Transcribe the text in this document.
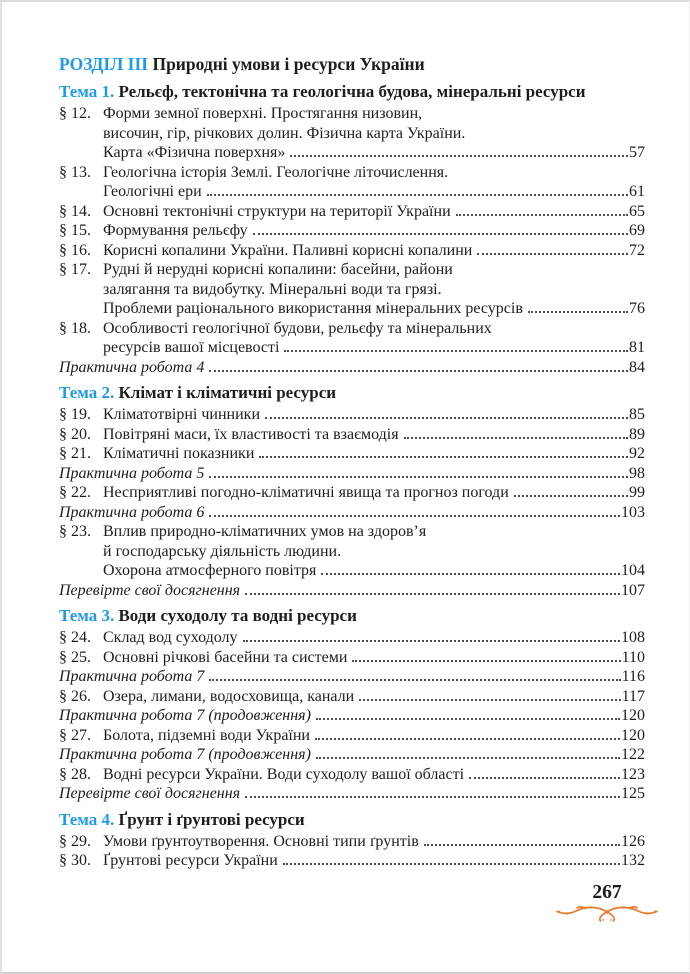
РОЗДІЛ ІІІ Природні умови і ресурси України
Тема 1. Рельєф, тектонічна та геологічна будова, мінеральні ресурси
§ 12. Форми земної поверхні. Простягання низовин,
височин, гір, річкових долин. Фізична карта України.
Карта «Фізична поверхня»	57
§ 13. Геологічна історія Землі. Геологічне літочислення.
Геологічні ери	61
§ 14. Основні тектонічні структури на території України	65
§ 15. Формування рельєфу	69
§ 16. Корисні копалини України. Паливні корисні копалини	72
§ 17. Рудні й нерудні корисні копалини: басейни, райони
залягання та видобутку. Мінеральні води та грязі.
Проблеми раціонального використання мінеральних ресурсів	76
§ 18. Особливості геологічної будови, рельєфу та мінеральних
ресурсів вашої місцевості	81
Практична робота 4	84
Тема 2. Клімат і кліматичні ресурси
§ 19. Кліматотвірні чинники	85
§ 20. Повітряні маси, їх властивості та взаємодія	89
§ 21. Кліматичні показники	92
Практична робота 5	98
§ 22. Несприятливі погодно-кліматичні явища та прогноз погоди	99
Практична робота 6	103
§ 23. Вплив природно-кліматичних умов на здоров’я
й господарську діяльність людини.
Охорона атмосферного повітря	104
Перевірте свої досягнення	107
Тема 3. Води суходолу та водні ресурси
§ 24. Склад вод суходолу	108
§ 25. Основні річкові басейни та системи	110
Практична робота 7	116
§ 26. Озера, лимани, водосховища, канали	117
Практична робота 7 (продовження)	120
§ 27. Болота, підземні води України	120
Практична робота 7 (продовження)	122
§ 28. Водні ресурси України. Води суходолу вашої області	123
Перевірте свої досягнення	125
Тема 4. Ґрунт і ґрунтові ресурси
§ 29. Умови ґрунтоутворення. Основні типи ґрунтів	126
§ 30. Ґрунтові ресурси України	132
267
